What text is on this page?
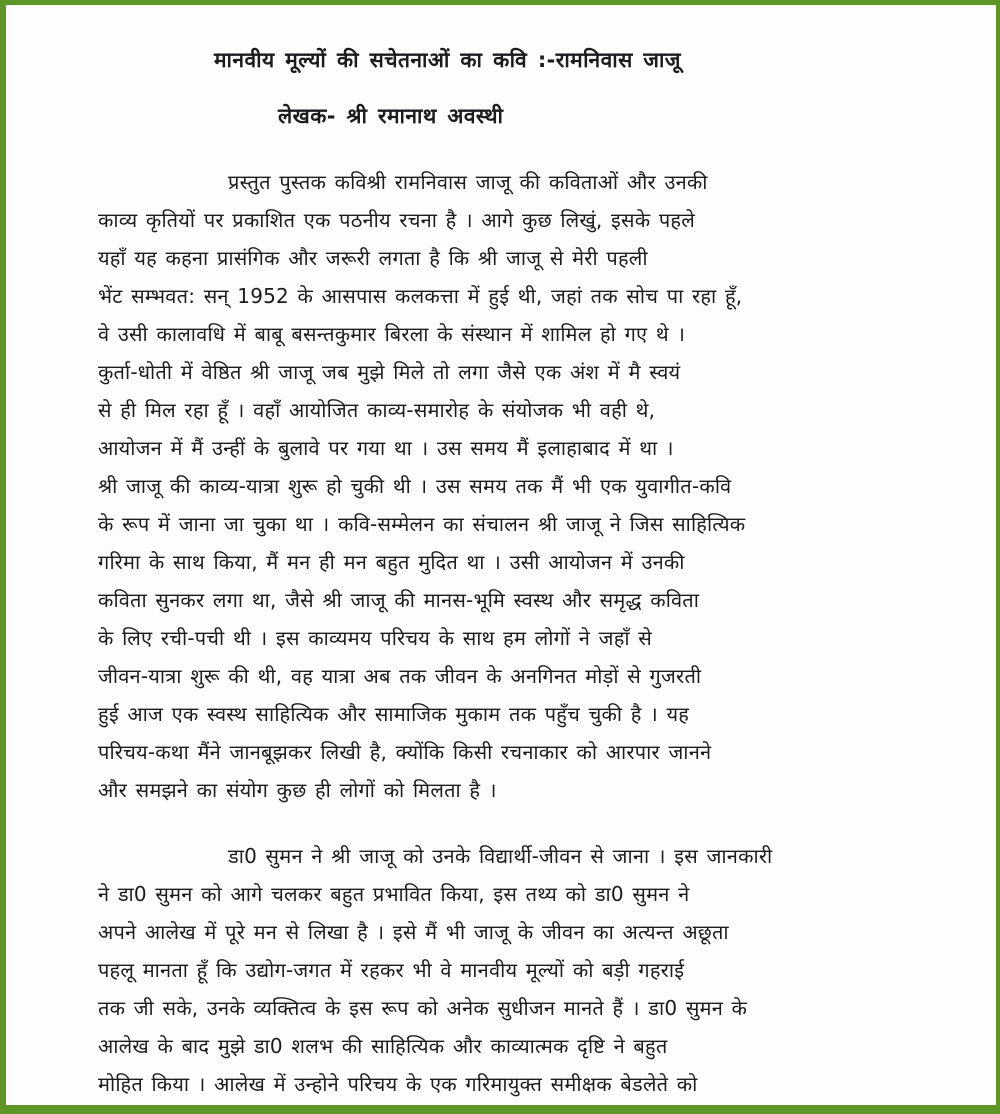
मानवीय मूल्यों की सचेतनाओं का कवि :-रामनिवास जाजू
लेखक- श्री रमानाथ अवस्थी
प्रस्तुत पुस्तक कविश्री रामनिवास जाजू की कविताओं और उनकी
काव्य कृतियों पर प्रकाशित एक पठनीय रचना है । आगे कुछ लिखुं, इसके पहले
यहाँ यह कहना प्रासंगिक और जरूरी लगता है कि श्री जाजू से मेरी पहली
भेंट सम्भवत: सन् 1952 के आसपास कलकत्ता में हुई थी, जहां तक सोच पा रहा हूँ,
वे उसी कालावधि में बाबू बसन्तकुमार बिरला के संस्थान में शामिल हो गए थे ।
कुर्ता-धोती में वेष्ठित श्री जाजू जब मुझे मिले तो लगा जैसे एक अंश में मै स्वयं
से ही मिल रहा हूँ । वहाँ आयोजित काव्य-समारोह के संयोजक भी वही थे,
आयोजन में मैं उन्हीं के बुलावे पर गया था । उस समय मैं इलाहाबाद में था ।
श्री जाजू की काव्य-यात्रा शुरू हो चुकी थी । उस समय तक मैं भी एक युवागीत-कवि
के रूप में जाना जा चुका था । कवि-सम्मेलन का संचालन श्री जाजू ने जिस साहित्यिक
गरिमा के साथ किया, मैं मन ही मन बहुत मुदित था । उसी आयोजन में उनकी
कविता सुनकर लगा था, जैसे श्री जाजू की मानस-भूमि स्वस्थ और समृद्ध कविता
के लिए रची-पची थी । इस काव्यमय परिचय के साथ हम लोगों ने जहाँ से
जीवन-यात्रा शुरू की थी, वह यात्रा अब तक जीवन के अनगिनत मोड़ों से गुजरती
हुई आज एक स्वस्थ साहित्यिक और सामाजिक मुकाम तक पहुँच चुकी है । यह
परिचय-कथा मैंने जानबूझकर लिखी है, क्योंकि किसी रचनाकार को आरपार जानने
और समझने का संयोग कुछ ही लोगों को मिलता है ।
डा0 सुमन ने श्री जाजू को उनके विद्यार्थी-जीवन से जाना । इस जानकारी
ने डा0 सुमन को आगे चलकर बहुत प्रभावित किया, इस तथ्य को डा0 सुमन ने
अपने आलेख में पूरे मन से लिखा है । इसे मैं भी जाजू के जीवन का अत्यन्त अछूता
पहलू मानता हूँ कि उद्योग-जगत में रहकर भी वे मानवीय मूल्यों को बड़ी गहराई
तक जी सके, उनके व्यक्तित्व के इस रूप को अनेक सुधीजन मानते हैं । डा0 सुमन के
आलेख के बाद मुझे डा0 शलभ की साहित्यिक और काव्यात्मक दृष्टि ने बहुत
मोहित किया । आलेख में उन्होने परिचय के एक गरिमायुक्त समीक्षक बेडलेते को
